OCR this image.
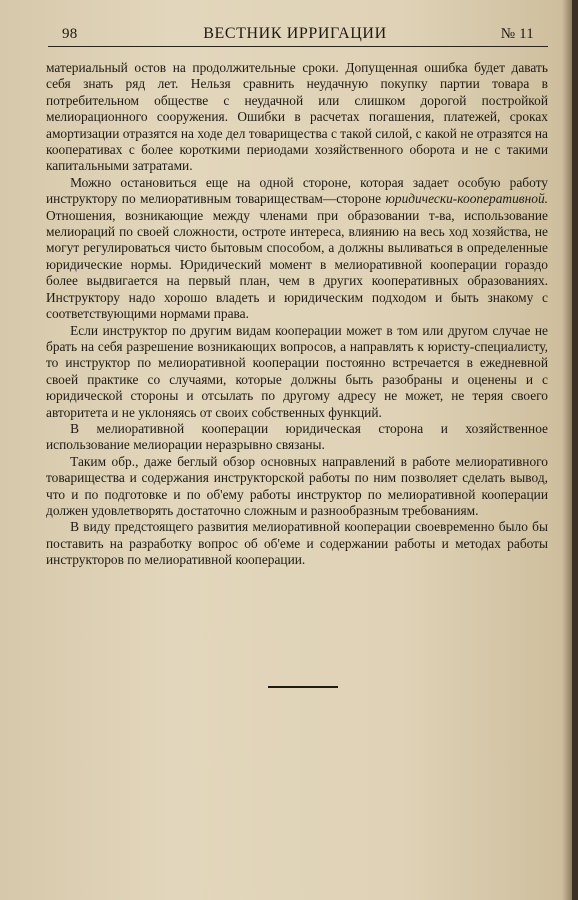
98	ВЕСТНИК ИРРИГАЦИИ	№ 11

материальный остов на продолжительные сроки. Допущенная ошибка будет давать себя знать ряд лет. Нельзя сравнить неудачную покупку партии товара в потребительном обществе с неудачной или слишком дорогой постройкой мелиорационного сооружения. Ошибки в расчетах погашения, платежей, сроках амортизации отразятся на ходе дел товарищества с такой силой, с какой не отразятся на кооперативах с более короткими периодами хозяйственного оборота и не с такими капитальными затратами.

Можно остановиться еще на одной стороне, которая задает особую работу инструктору по мелиоративным товариществам—стороне юридически-кооперативной. Отношения, возникающие между членами при образовании т-ва, использование мелиораций по своей сложности, остроте интереса, влиянию на весь ход хозяйства, не могут регулироваться чисто бытовым способом, а должны выливаться в определенные юридические нормы. Юридический момент в мелиоративной кооперации гораздо более выдвигается на первый план, чем в других кооперативных образованиях. Инструктору надо хорошо владеть и юридическим подходом и быть знакому с соответствующими нормами права.

Если инструктор по другим видам кооперации может в том или другом случае не брать на себя разрешение возникающих вопросов, а направлять к юристу-специалисту, то инструктор по мелиоративной кооперации постоянно встречается в ежедневной своей практике со случаями, которые должны быть разобраны и оценены и с юридической стороны и отсылать по другому адресу не может, не теряя своего авторитета и не уклоняясь от своих собственных функций.

В мелиоративной кооперации юридическая сторона и хозяйственное использование мелиорации неразрывно связаны.

Таким обр., даже беглый обзор основных направлений в работе мелиоративного товарищества и содержания инструкторской работы по ним позволяет сделать вывод, что и по подготовке и по об'ему работы инструктор по мелиоративной кооперации должен удовлетворять достаточно сложным и разнообразным требованиям.

В виду предстоящего развития мелиоративной кооперации своевременно было бы поставить на разработку вопрос об об'еме и содержании работы и методах работы инструкторов по мелиоративной кооперации.
